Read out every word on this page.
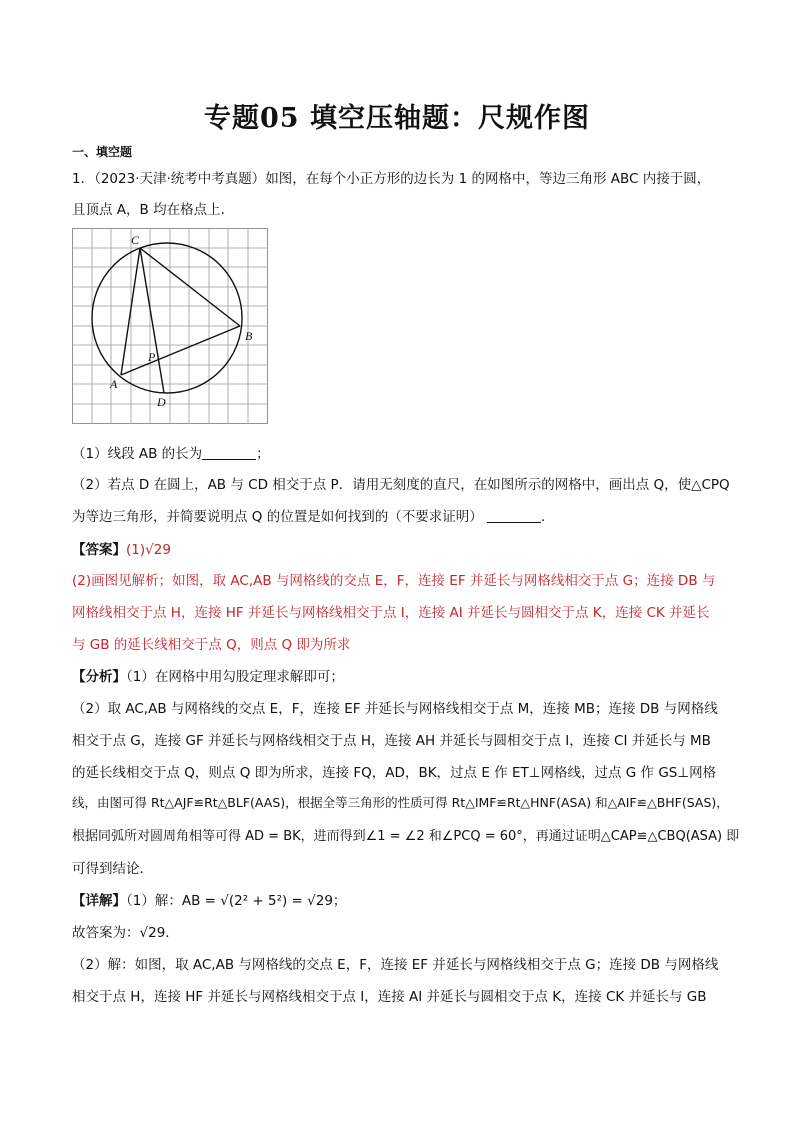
专题05 填空压轴题：尺规作图
一、填空题
1．（2023·天津·统考中考真题）如图，在每个小正方形的边长为 1 的网格中，等边三角形 ABC 内接于圆，
且顶点 A，B 均在格点上．
C
B
A
P
D
（1）线段 AB 的长为	；
（2）若点 D 在圆上，AB 与 CD 相交于点 P．请用无刻度的直尺，在如图所示的网格中，画出点 Q，使△CPQ
为等边三角形，并简要说明点 Q 的位置是如何找到的（不要求证明）	．
【答案】(1)√29
(2)画图见解析；如图，取 AC,AB 与网格线的交点 E，F，连接 EF 并延长与网格线相交于点 G；连接 DB 与
网格线相交于点 H，连接 HF 并延长与网格线相交于点 I，连接 AI 并延长与圆相交于点 K，连接 CK 并延长
与 GB 的延长线相交于点 Q，则点 Q 即为所求
【分析】（1）在网格中用勾股定理求解即可；
（2）取 AC,AB 与网格线的交点 E，F，连接 EF 并延长与网格线相交于点 M，连接 MB；连接 DB 与网格线
相交于点 G，连接 GF 并延长与网格线相交于点 H，连接 AH 并延长与圆相交于点 I，连接 CI 并延长与 MB
的延长线相交于点 Q，则点 Q 即为所求，连接 FQ，AD，BK，过点 E 作 ET⊥网格线，过点 G 作 GS⊥网格
线，由图可得 Rt△AJF≌Rt△BLF(AAS)，根据全等三角形的性质可得 Rt△IMF≌Rt△HNF(ASA) 和△AIF≌△BHF(SAS)，
根据同弧所对圆周角相等可得 AD = BK，进而得到∠1 = ∠2 和∠PCQ = 60°，再通过证明△CAP≌△CBQ(ASA) 即
可得到结论．
【详解】（1）解：AB = √(2² + 5²) = √29；
故答案为：√29．
（2）解：如图，取 AC,AB 与网格线的交点 E，F，连接 EF 并延长与网格线相交于点 G；连接 DB 与网格线
相交于点 H，连接 HF 并延长与网格线相交于点 I，连接 AI 并延长与圆相交于点 K，连接 CK 并延长与 GB
